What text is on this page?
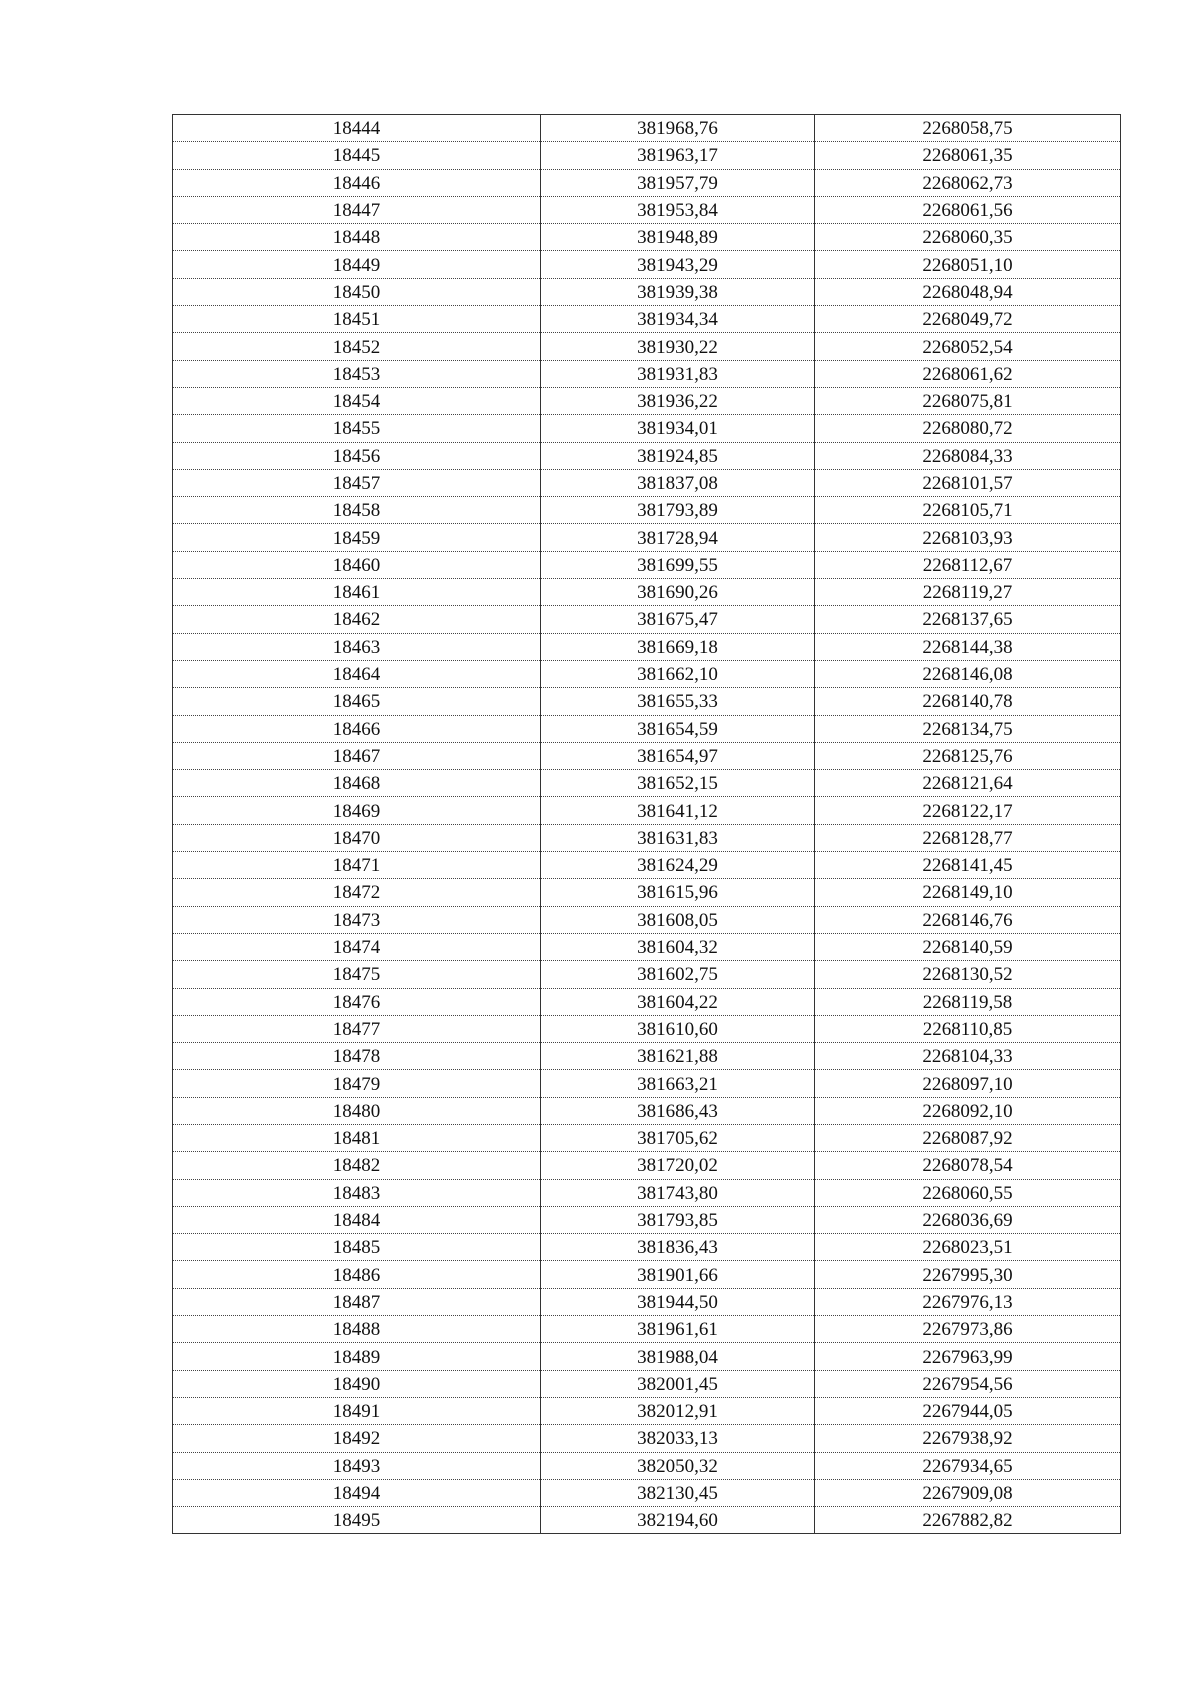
18444	381968,76	2268058,75
18445	381963,17	2268061,35
18446	381957,79	2268062,73
18447	381953,84	2268061,56
18448	381948,89	2268060,35
18449	381943,29	2268051,10
18450	381939,38	2268048,94
18451	381934,34	2268049,72
18452	381930,22	2268052,54
18453	381931,83	2268061,62
18454	381936,22	2268075,81
18455	381934,01	2268080,72
18456	381924,85	2268084,33
18457	381837,08	2268101,57
18458	381793,89	2268105,71
18459	381728,94	2268103,93
18460	381699,55	2268112,67
18461	381690,26	2268119,27
18462	381675,47	2268137,65
18463	381669,18	2268144,38
18464	381662,10	2268146,08
18465	381655,33	2268140,78
18466	381654,59	2268134,75
18467	381654,97	2268125,76
18468	381652,15	2268121,64
18469	381641,12	2268122,17
18470	381631,83	2268128,77
18471	381624,29	2268141,45
18472	381615,96	2268149,10
18473	381608,05	2268146,76
18474	381604,32	2268140,59
18475	381602,75	2268130,52
18476	381604,22	2268119,58
18477	381610,60	2268110,85
18478	381621,88	2268104,33
18479	381663,21	2268097,10
18480	381686,43	2268092,10
18481	381705,62	2268087,92
18482	381720,02	2268078,54
18483	381743,80	2268060,55
18484	381793,85	2268036,69
18485	381836,43	2268023,51
18486	381901,66	2267995,30
18487	381944,50	2267976,13
18488	381961,61	2267973,86
18489	381988,04	2267963,99
18490	382001,45	2267954,56
18491	382012,91	2267944,05
18492	382033,13	2267938,92
18493	382050,32	2267934,65
18494	382130,45	2267909,08
18495	382194,60	2267882,82
